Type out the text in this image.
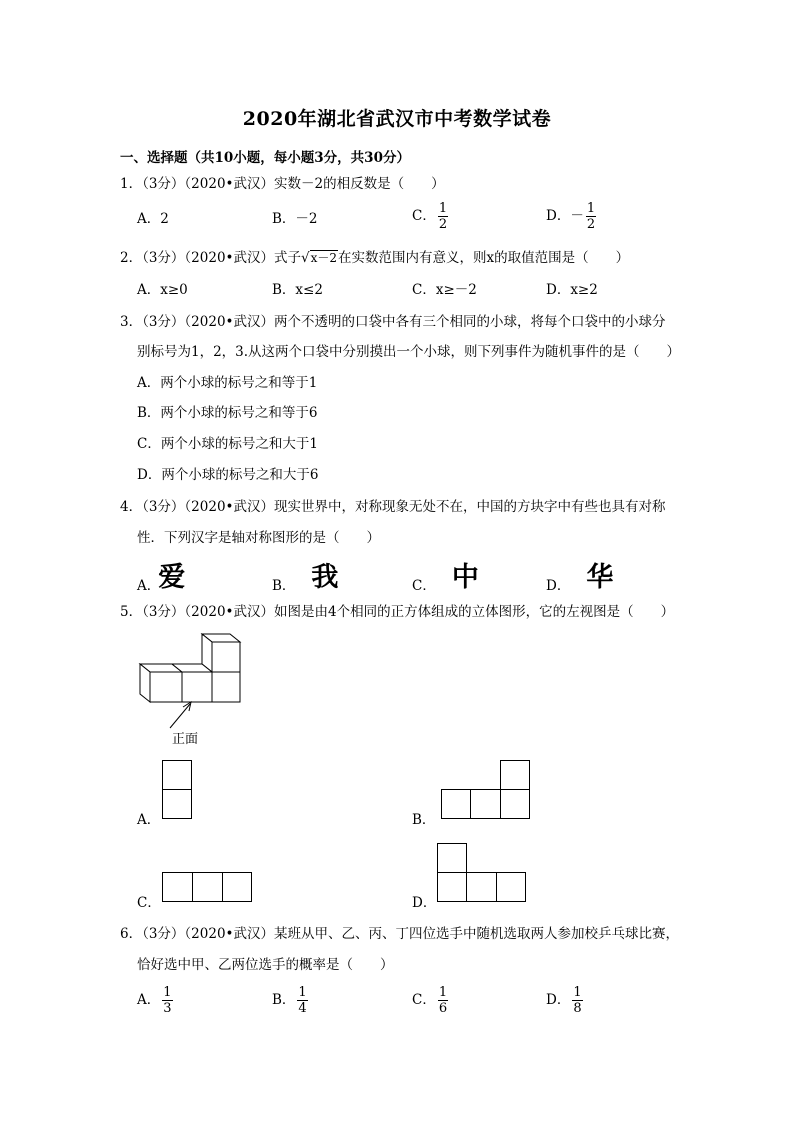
2020年湖北省武汉市中考数学试卷
一、选择题（共10小题，每小题3分，共30分）
1．（3分）（2020•武汉）实数－2的相反数是（　　）
A．2	B．－2	C． $\frac{1}{2}$	D．－ $\frac{1}{2}$
2．（3分）（2020•武汉）式子√x－2在实数范围内有意义，则x的取值范围是（　　）
A．x≥0	B．x≤2	C．x≥－2	D．x≥2
3．（3分）（2020•武汉）两个不透明的口袋中各有三个相同的小球，将每个口袋中的小球分
别标号为1，2，3.从这两个口袋中分别摸出一个小球，则下列事件为随机事件的是（　　）
A．两个小球的标号之和等于1
B．两个小球的标号之和等于6
C．两个小球的标号之和大于1
D．两个小球的标号之和大于6
4．（3分）（2020•武汉）现实世界中，对称现象无处不在，中国的方块字中有些也具有对称
性．下列汉字是轴对称图形的是（　　）
A．爱	B． 我	C． 中	D． 华
5．（3分）（2020•武汉）如图是由4个相同的正方体组成的立体图形，它的左视图是（　　）
正面
A．	B．
C．	D．
6．（3分）（2020•武汉）某班从甲、乙、丙、丁四位选手中随机选取两人参加校乒乓球比赛，
恰好选中甲、乙两位选手的概率是（　　）
A． $\frac{1}{3}$	B． $\frac{1}{4}$	C． $\frac{1}{6}$	D． $\frac{1}{8}$
